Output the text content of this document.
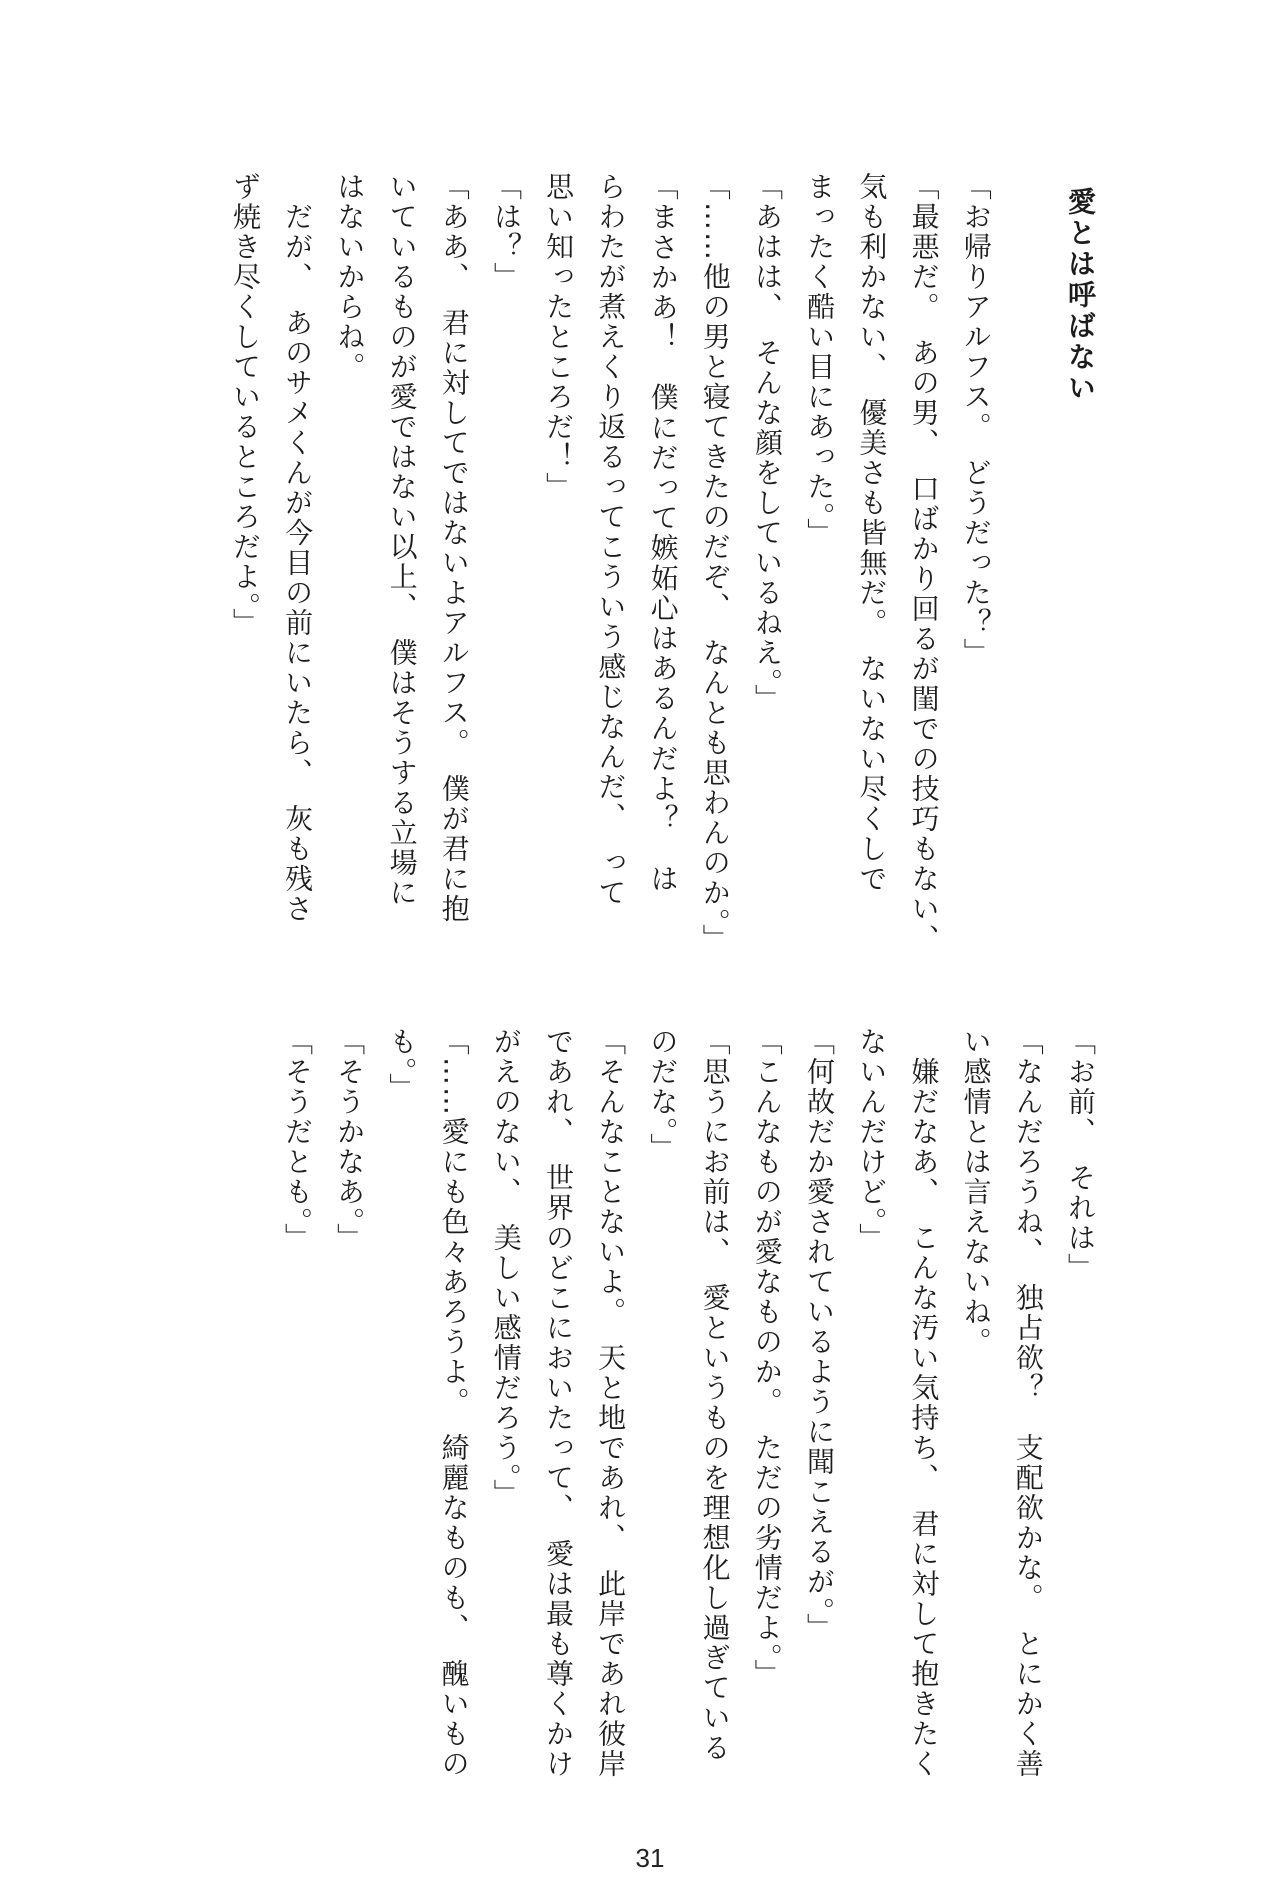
愛とは呼ばない
「お帰りアルフス。　どうだった？」
「最悪だ。　あの男、　口ばかり回るが閨での技巧もない、
気も利かない、　優美さも皆無だ。　ないない尽くしで
まったく酷い目にあった。」
「あはは、　そんな顔をしているねえ。」
「……他の男と寝てきたのだぞ、　なんとも思わんのか。」
「まさかあ！　僕にだって嫉妬心はあるんだよ？　は
らわたが煮えくり返るってこういう感じなんだ、　って
思い知ったところだ！」
「は？」
「ああ、　君に対してではないよアルフス。　僕が君に抱
いているものが愛ではない以上、　僕はそうする立場に
はないからね。
　だが、　あのサメくんが今目の前にいたら、　灰も残さ
ず焼き尽くしているところだよ。」
「お前、　それは」
「なんだろうね、　独占欲？　支配欲かな。　とにかく善
い感情とは言えないね。
　嫌だなあ、　こんな汚い気持ち、　君に対して抱きたく
ないんだけど。」
「何故だか愛されているように聞こえるが。」
「こんなものが愛なものか。　ただの劣情だよ。」
「思うにお前は、　愛というものを理想化し過ぎている
のだな。」
「そんなことないよ。　天と地であれ、　此岸であれ彼岸
であれ、　世界のどこにおいたって、　愛は最も尊くかけ
がえのない、　美しい感情だろう。」
「……愛にも色々あろうよ。　綺麗なものも、　醜いもの
も。」
「そうかなあ。」
「そうだとも。」
31
